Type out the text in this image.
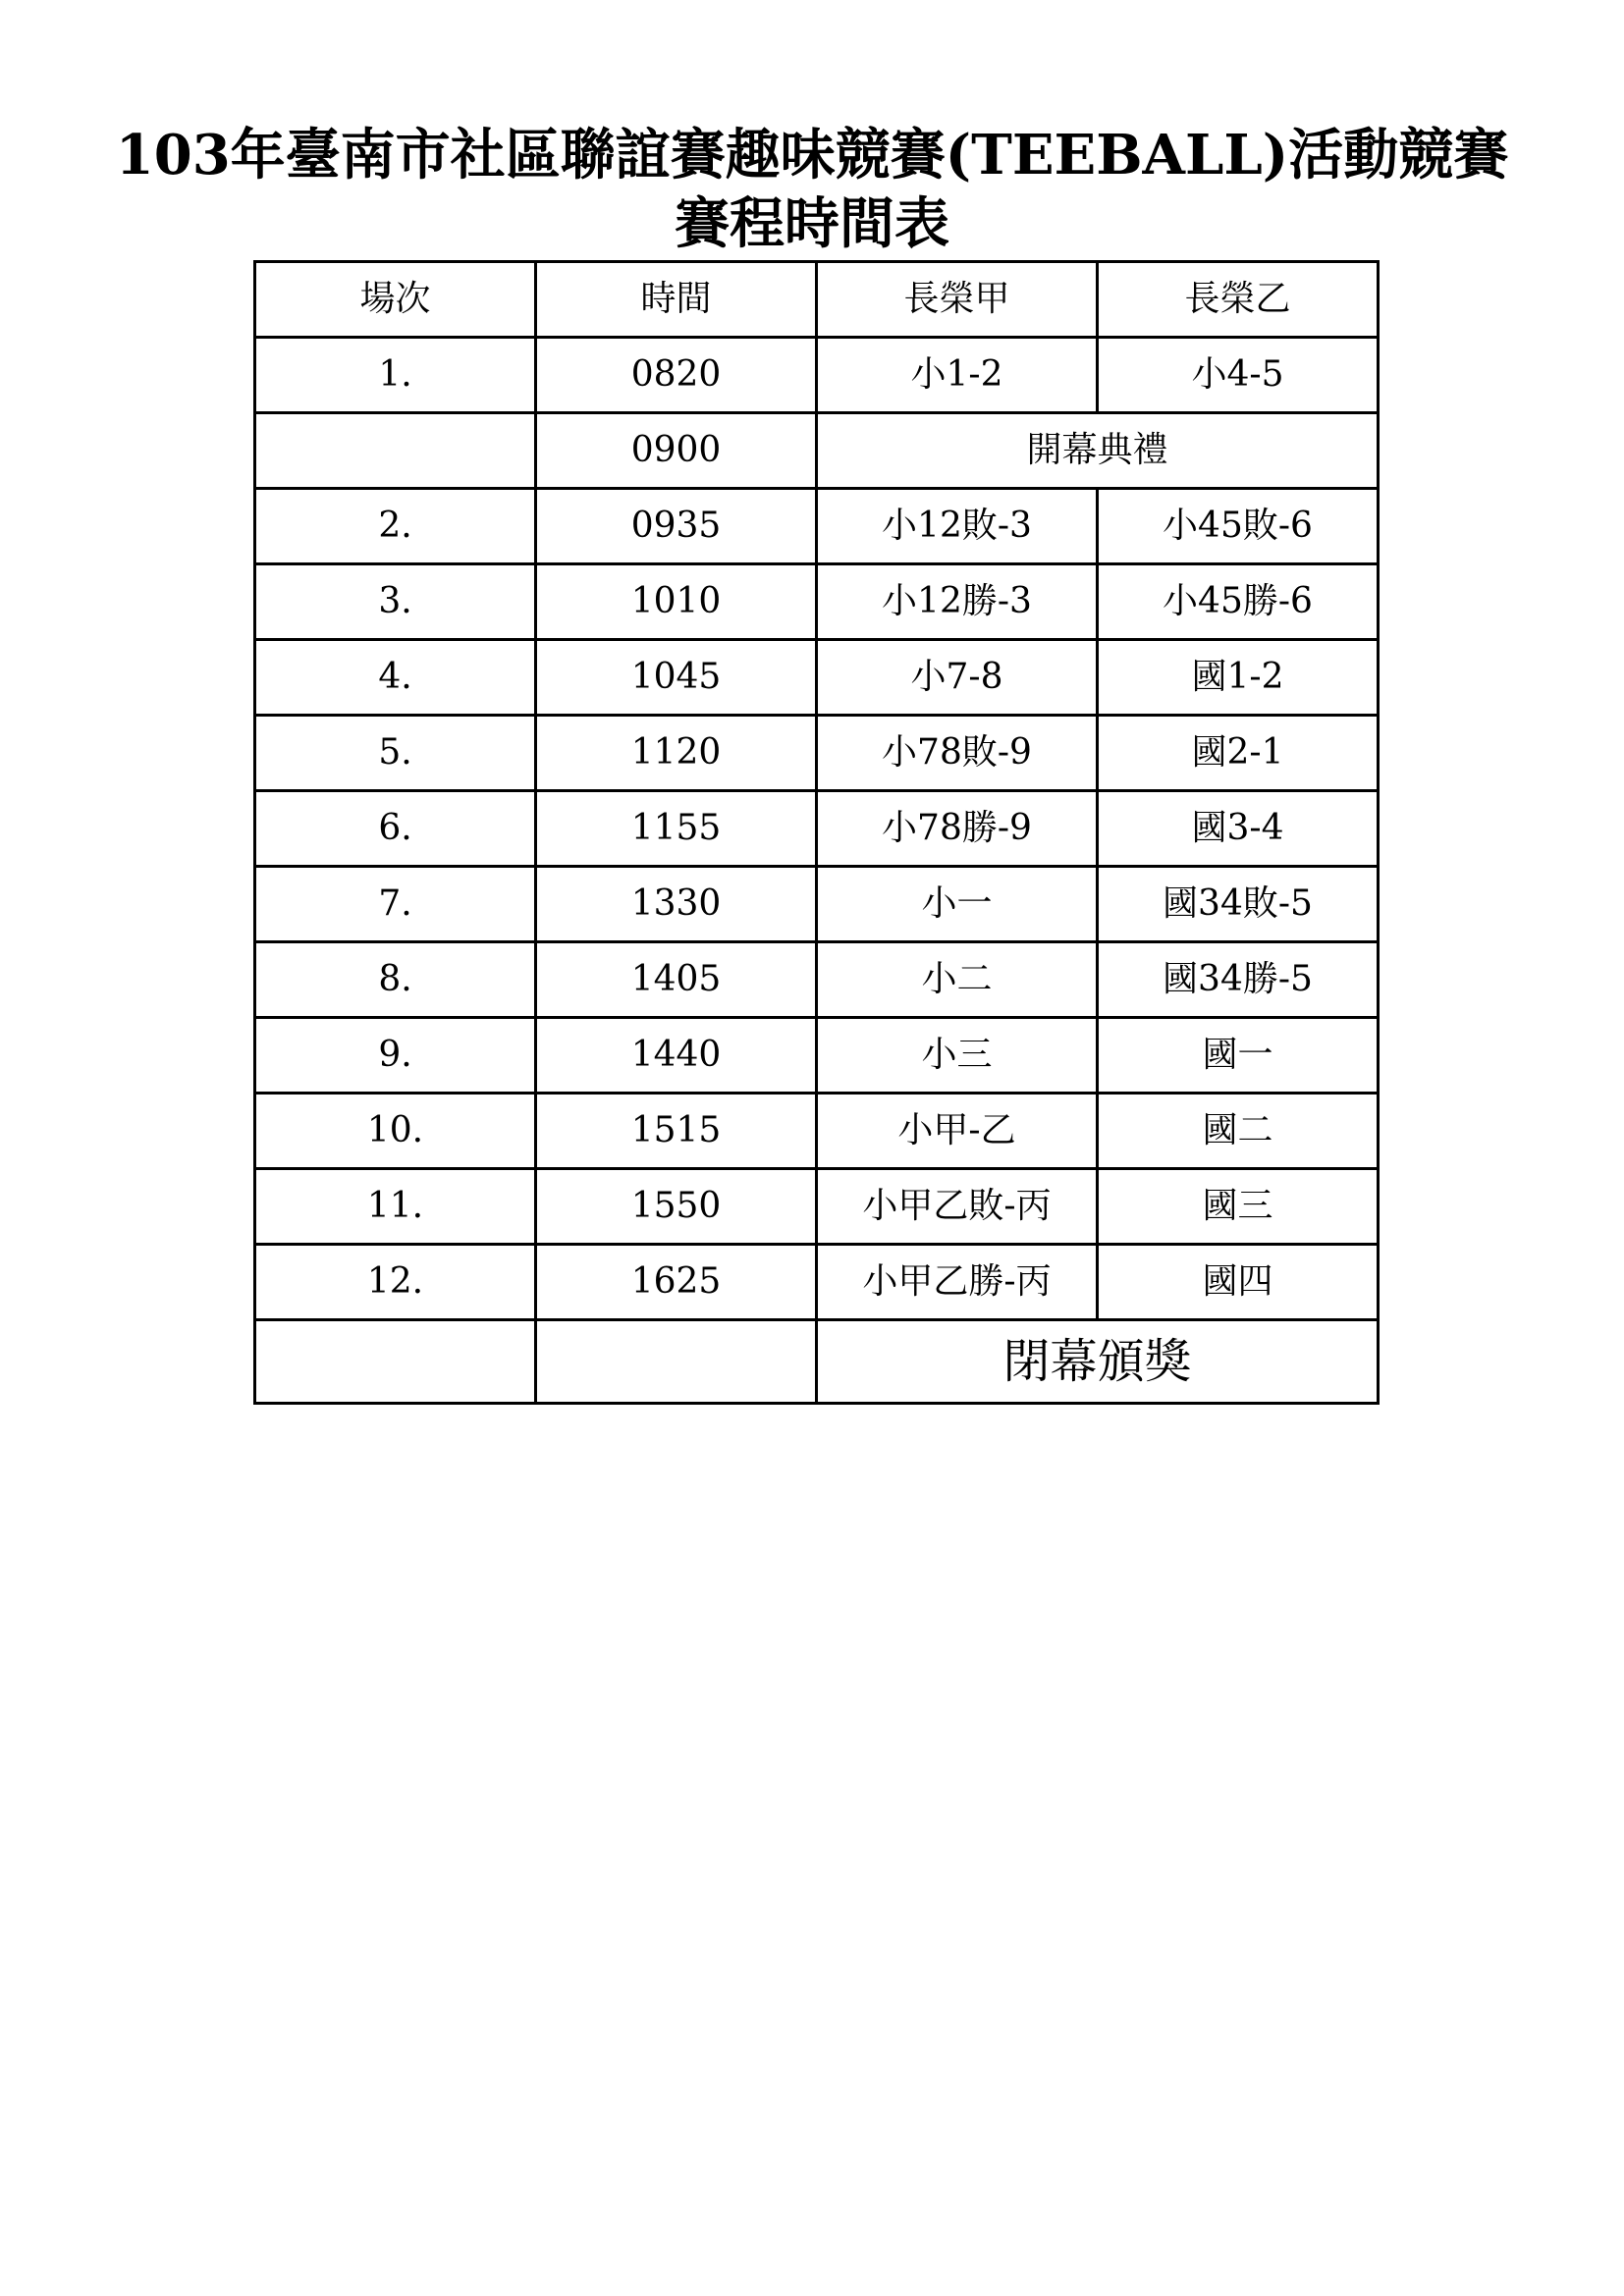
103年臺南市社區聯誼賽趣味競賽(TEEBALL)活動競賽
賽程時間表
場次	時間	長榮甲	長榮乙
1.	0820	小1-2	小4-5
	0900	開幕典禮	
2.	0935	小12敗-3	小45敗-6
3.	1010	小12勝-3	小45勝-6
4.	1045	小7-8	國1-2
5.	1120	小78敗-9	國2-1
6.	1155	小78勝-9	國3-4
7.	1330	小一	國34敗-5
8.	1405	小二	國34勝-5
9.	1440	小三	國一
10.	1515	小甲-乙	國二
11.	1550	小甲乙敗-丙	國三
12.	1625	小甲乙勝-丙	國四
		閉幕頒獎	
